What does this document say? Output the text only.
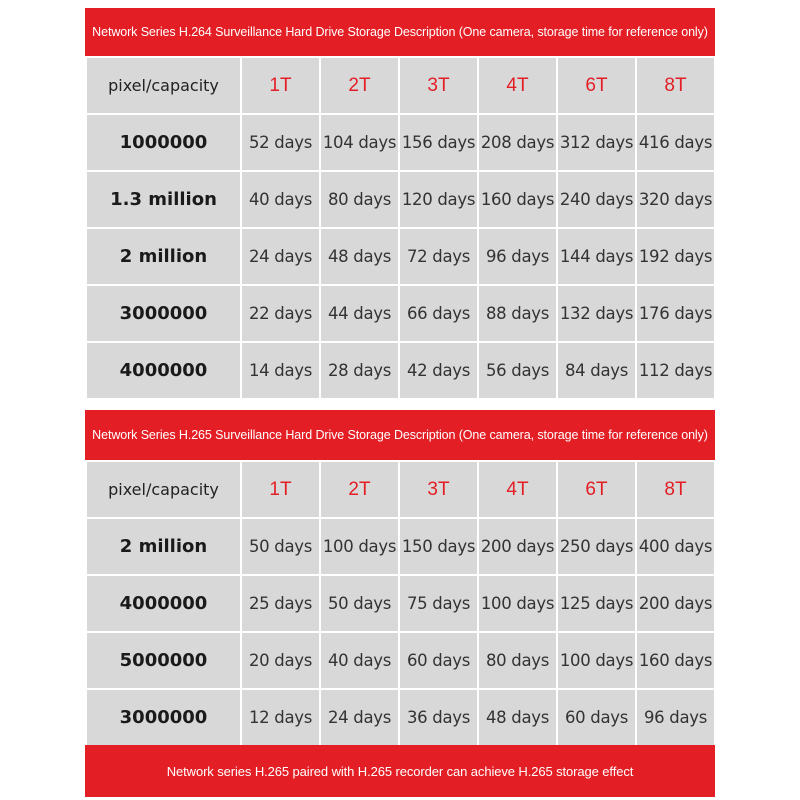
Network Series H.264 Surveillance Hard Drive Storage Description (One camera, storage time for reference only)
pixel/capacity	1T	2T	3T	4T	6T	8T
1000000	52 days	104 days	156 days	208 days	312 days	416 days
1.3 million	40 days	80 days	120 days	160 days	240 days	320 days
2 million	24 days	48 days	72 days	96 days	144 days	192 days
3000000	22 days	44 days	66 days	88 days	132 days	176 days
4000000	14 days	28 days	42 days	56 days	84 days	112 days
Network Series H.265 Surveillance Hard Drive Storage Description (One camera, storage time for reference only)
pixel/capacity	1T	2T	3T	4T	6T	8T
2 million	50 days	100 days	150 days	200 days	250 days	400 days
4000000	25 days	50 days	75 days	100 days	125 days	200 days
5000000	20 days	40 days	60 days	80 days	100 days	160 days
3000000	12 days	24 days	36 days	48 days	60 days	96 days
Network series H.265 paired with H.265 recorder can achieve H.265 storage effect
